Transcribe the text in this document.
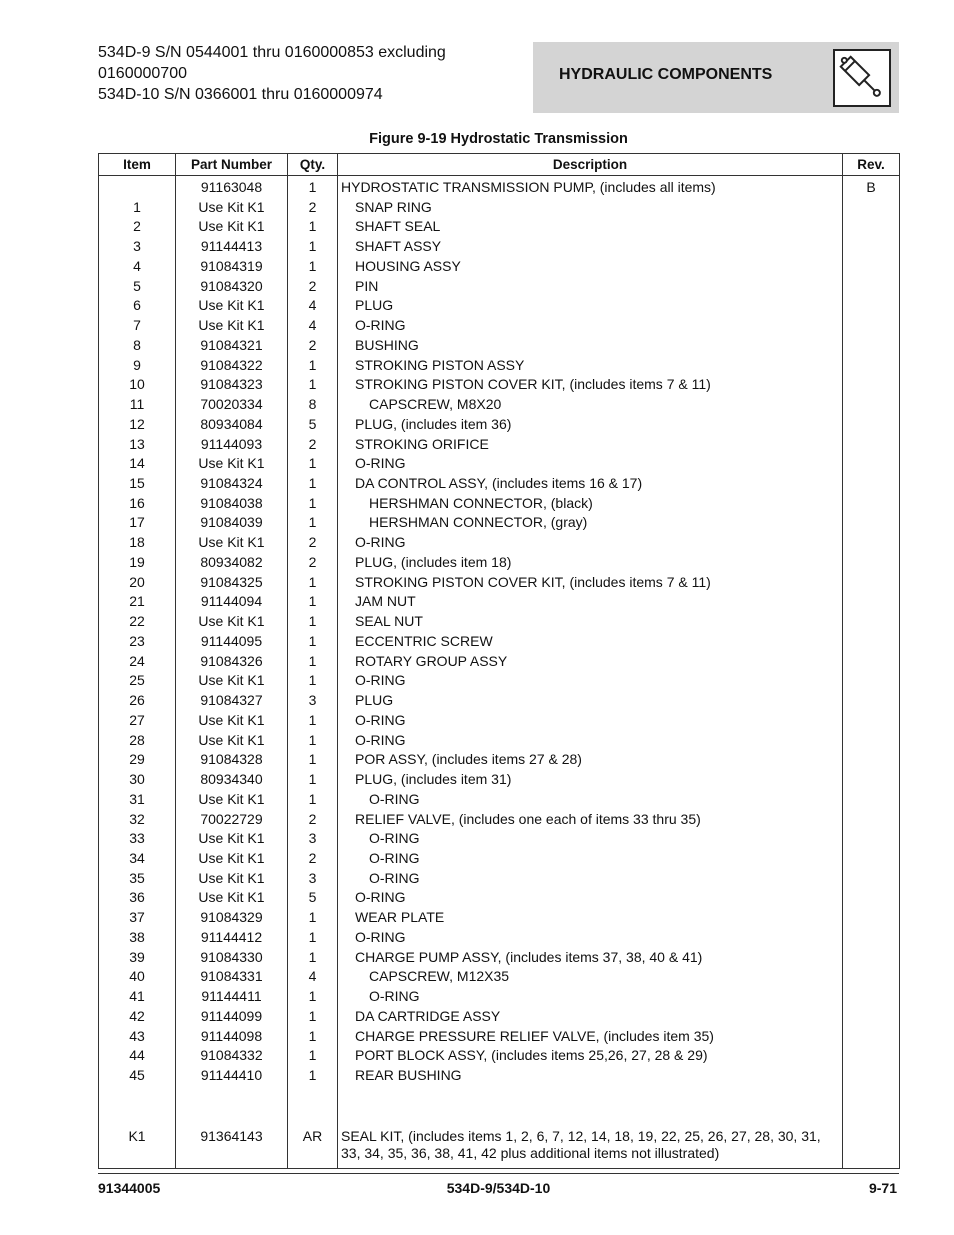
534D-9 S/N 0544001 thru 0160000853 excluding
0160000700
534D-10 S/N 0366001 thru 0160000974
HYDRAULIC COMPONENTS
Figure 9-19 Hydrostatic Transmission
Item	Part Number	Qty.	Description	Rev.
	91163048	1	HYDROSTATIC TRANSMISSION PUMP, (includes all items)	B
1	Use Kit K1	2	SNAP RING	
2	Use Kit K1	1	SHAFT SEAL	
3	91144413	1	SHAFT ASSY	
4	91084319	1	HOUSING ASSY	
5	91084320	2	PIN	
6	Use Kit K1	4	PLUG	
7	Use Kit K1	4	O-RING	
8	91084321	2	BUSHING	
9	91084322	1	STROKING PISTON ASSY	
10	91084323	1	STROKING PISTON COVER KIT, (includes items 7 & 11)	
11	70020334	8	CAPSCREW, M8X20	
12	80934084	5	PLUG, (includes item 36)	
13	91144093	2	STROKING ORIFICE	
14	Use Kit K1	1	O-RING	
15	91084324	1	DA CONTROL ASSY, (includes items 16 & 17)	
16	91084038	1	HERSHMAN CONNECTOR, (black)	
17	91084039	1	HERSHMAN CONNECTOR, (gray)	
18	Use Kit K1	2	O-RING	
19	80934082	2	PLUG, (includes item 18)	
20	91084325	1	STROKING PISTON COVER KIT, (includes items 7 & 11)	
21	91144094	1	JAM NUT	
22	Use Kit K1	1	SEAL NUT	
23	91144095	1	ECCENTRIC SCREW	
24	91084326	1	ROTARY GROUP ASSY	
25	Use Kit K1	1	O-RING	
26	91084327	3	PLUG	
27	Use Kit K1	1	O-RING	
28	Use Kit K1	1	O-RING	
29	91084328	1	POR ASSY, (includes items 27 & 28)	
30	80934340	1	PLUG, (includes item 31)	
31	Use Kit K1	1	O-RING	
32	70022729	2	RELIEF VALVE, (includes one each of items 33 thru 35)	
33	Use Kit K1	3	O-RING	
34	Use Kit K1	2	O-RING	
35	Use Kit K1	3	O-RING	
36	Use Kit K1	5	O-RING	
37	91084329	1	WEAR PLATE	
38	91144412	1	O-RING	
39	91084330	1	CHARGE PUMP ASSY, (includes items 37, 38, 40 & 41)	
40	91084331	4	CAPSCREW, M12X35	
41	91144411	1	O-RING	
42	91144099	1	DA CARTRIDGE ASSY	
43	91144098	1	CHARGE PRESSURE RELIEF VALVE, (includes item 35)	
44	91084332	1	PORT BLOCK ASSY, (includes items 25,26, 27, 28 & 29)	
45	91144410	1	REAR BUSHING	

K1	91364143	AR	SEAL KIT, (includes items 1, 2, 6, 7, 12, 14, 18, 19, 22, 25, 26, 27, 28, 30, 31, 33, 34, 35, 36, 38, 41, 42 plus additional items not illustrated)	
91344005	534D-9/534D-10	9-71
